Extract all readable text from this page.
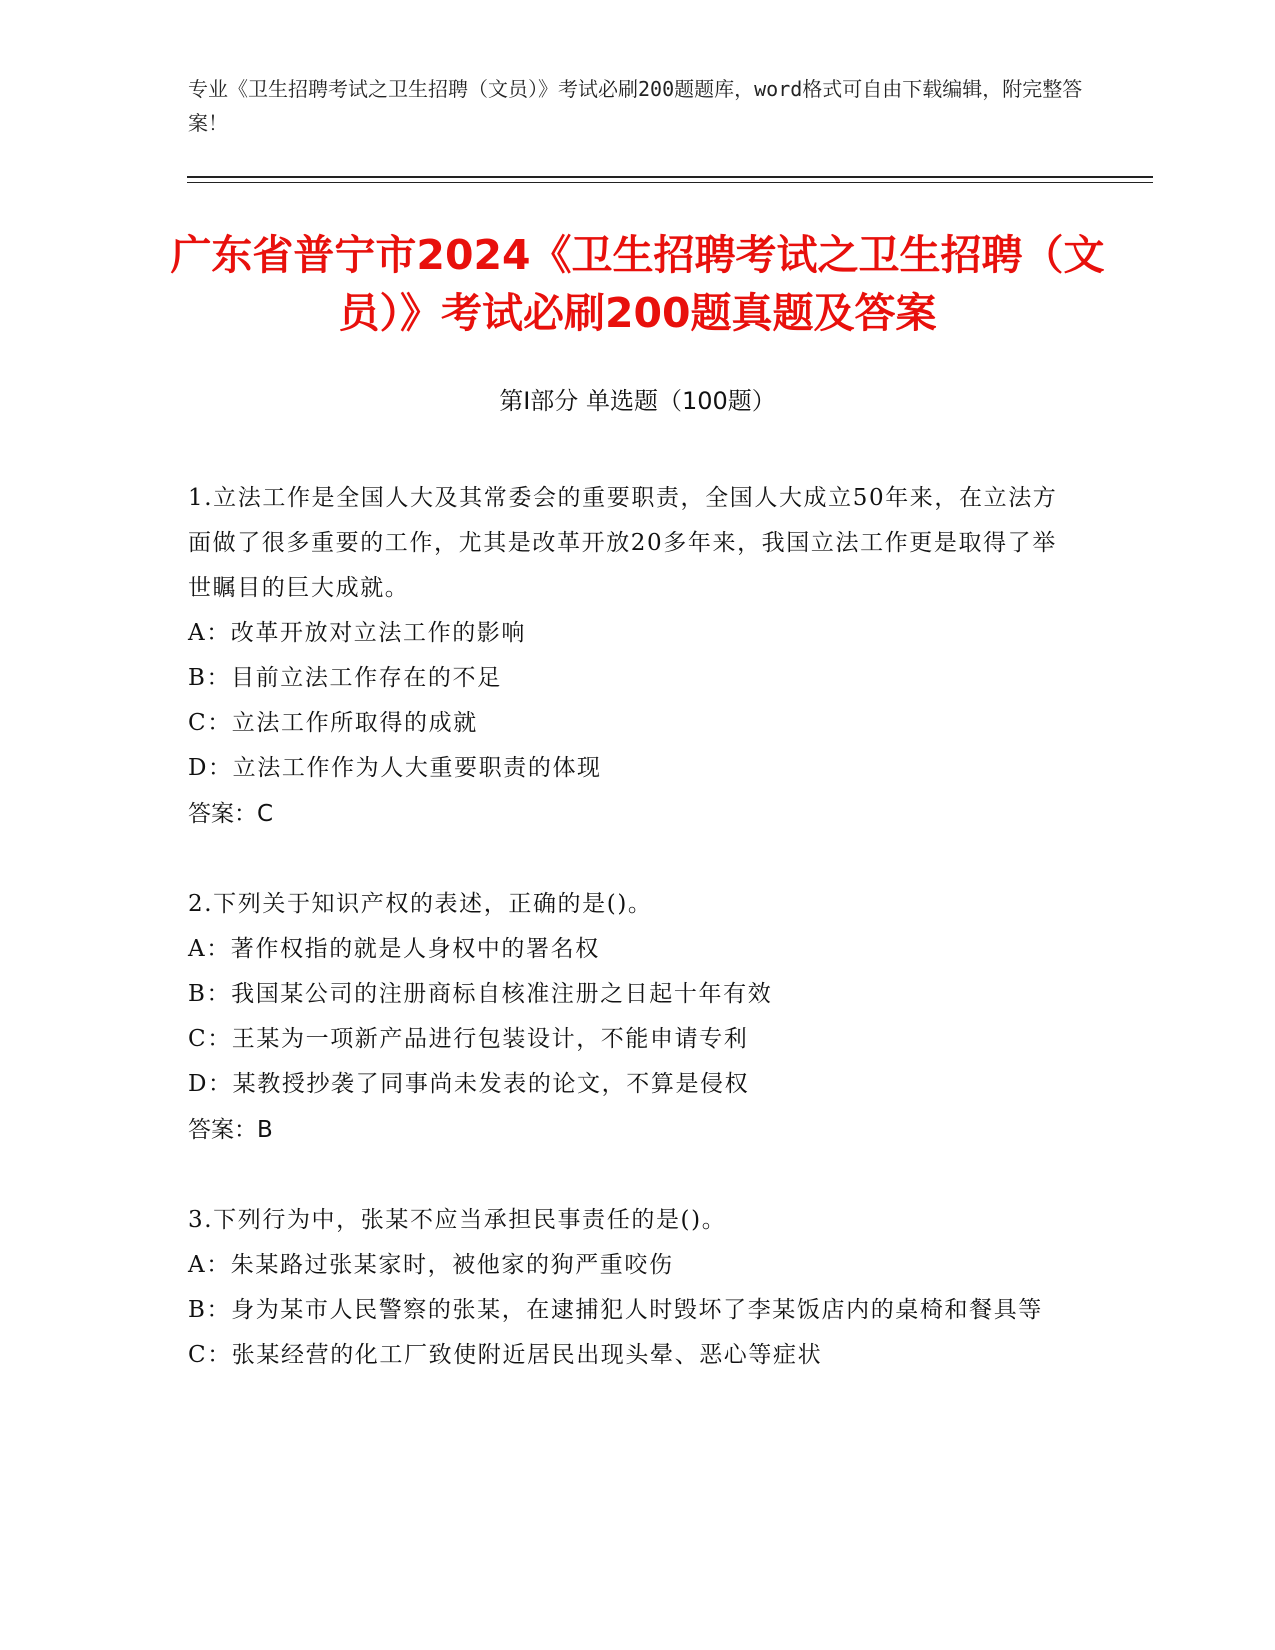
专业《卫生招聘考试之卫生招聘（文员）》考试必刷200题题库，word格式可自由下载编辑，附完整答案！

广东省普宁市2024《卫生招聘考试之卫生招聘（文员）》考试必刷200题真题及答案
第Ⅰ部分 单选题（100题）

1.立法工作是全国人大及其常委会的重要职责，全国人大成立50年来，在立法方面做了很多重要的工作，尤其是改革开放20多年来，我国立法工作更是取得了举世瞩目的巨大成就。

A：改革开放对立法工作的影响

B：目前立法工作存在的不足

C：立法工作所取得的成就

D：立法工作作为人大重要职责的体现

答案：C

2.下列关于知识产权的表述，正确的是()。

A：著作权指的就是人身权中的署名权

B：我国某公司的注册商标自核准注册之日起十年有效

C：王某为一项新产品进行包装设计，不能申请专利

D：某教授抄袭了同事尚未发表的论文，不算是侵权

答案：B

3.下列行为中，张某不应当承担民事责任的是()。

A：朱某路过张某家时，被他家的狗严重咬伤

B：身为某市人民警察的张某，在逮捕犯人时毁坏了李某饭店内的桌椅和餐具等

C：张某经营的化工厂致使附近居民出现头晕、恶心等症状
